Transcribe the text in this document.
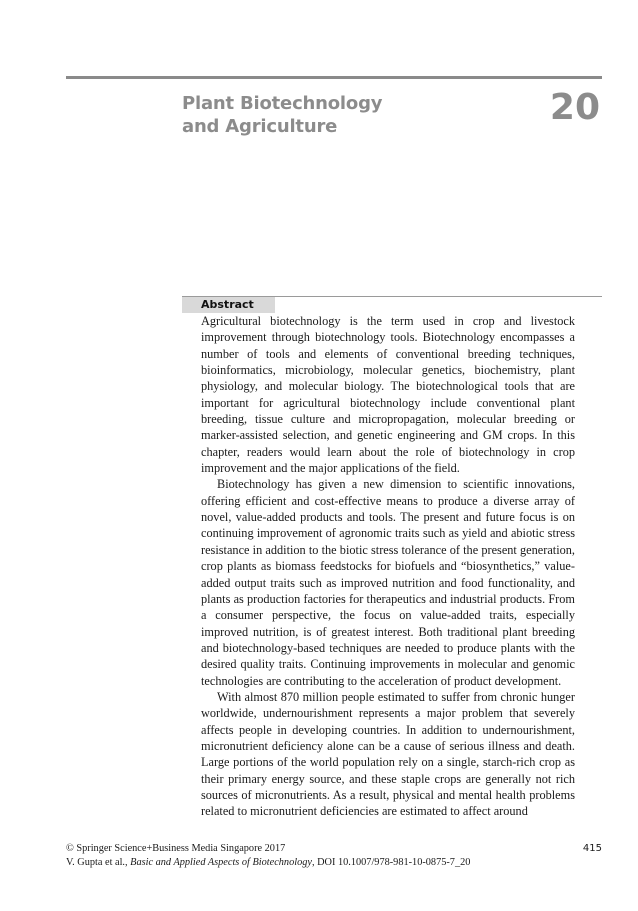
Plant Biotechnology
and Agriculture	20
Abstract

Agricultural biotechnology is the term used in crop and livestock improvement through biotechnology tools. Biotechnology encompasses a number of tools and elements of conventional breeding techniques, bioinformatics, microbiology, molecular genetics, biochemistry, plant physiology, and molecular biology. The biotechnological tools that are important for agricultural biotechnology include conventional plant breeding, tissue culture and micropropagation, molecular breeding or marker-assisted selection, and genetic engineering and GM crops. In this chapter, readers would learn about the role of biotechnology in crop improvement and the major applications of the field.

Biotechnology has given a new dimension to scientific innovations, offering efficient and cost-effective means to produce a diverse array of novel, value-added products and tools. The present and future focus is on continuing improvement of agronomic traits such as yield and abiotic stress resistance in addition to the biotic stress tolerance of the present generation, crop plants as biomass feedstocks for biofuels and “biosynthetics,” value-added output traits such as improved nutrition and food functionality, and plants as production factories for therapeutics and industrial products. From a consumer perspective, the focus on value-added traits, especially improved nutrition, is of greatest interest. Both traditional plant breeding and biotechnology-based techniques are needed to produce plants with the desired quality traits. Continuing improvements in molecular and genomic technologies are contributing to the acceleration of product development.

With almost 870 million people estimated to suffer from chronic hunger worldwide, undernourishment represents a major problem that severely affects people in developing countries. In addition to undernourishment, micronutrient deficiency alone can be a cause of serious illness and death. Large portions of the world population rely on a single, starch-rich crop as their primary energy source, and these staple crops are generally not rich sources of micronutrients. As a result, physical and mental health problems related to micronutrient deficiencies are estimated to affect around

© Springer Science+Business Media Singapore 2017
V. Gupta et al., Basic and Applied Aspects of Biotechnology, DOI 10.1007/978-981-10-0875-7_20
415
